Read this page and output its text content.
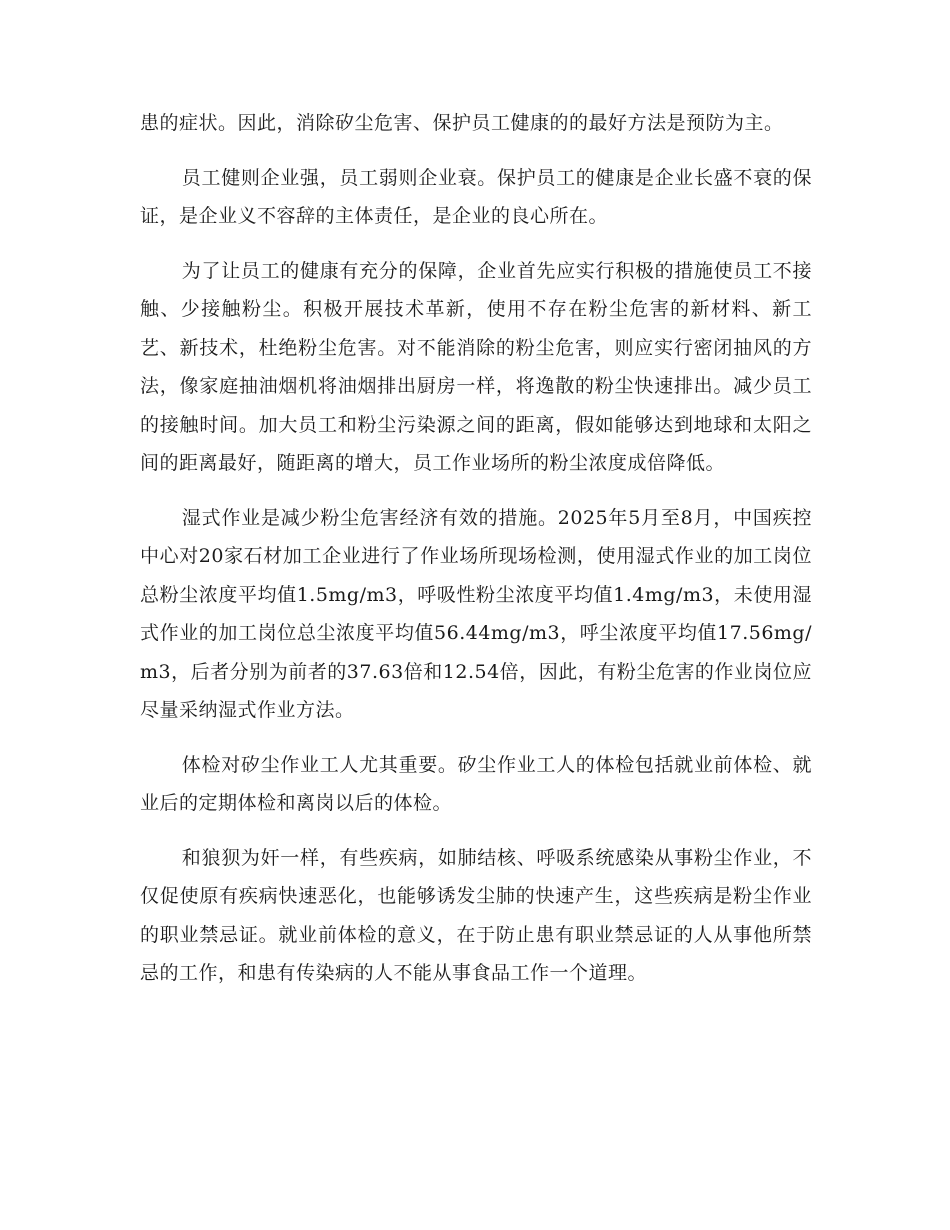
患的症状。因此，消除矽尘危害、保护员工健康的的最好方法是预防为主。

员工健则企业强，员工弱则企业衰。保护员工的健康是企业长盛不衰的保证，是企业义不容辞的主体责任，是企业的良心所在。

为了让员工的健康有充分的保障，企业首先应实行积极的措施使员工不接触、少接触粉尘。积极开展技术革新，使用不存在粉尘危害的新材料、新工艺、新技术，杜绝粉尘危害。对不能消除的粉尘危害，则应实行密闭抽风的方法，像家庭抽油烟机将油烟排出厨房一样，将逸散的粉尘快速排出。减少员工的接触时间。加大员工和粉尘污染源之间的距离，假如能够达到地球和太阳之间的距离最好，随距离的增大，员工作业场所的粉尘浓度成倍降低。

湿式作业是减少粉尘危害经济有效的措施。2025年5月至8月，中国疾控中心对20家石材加工企业进行了作业场所现场检测，使用湿式作业的加工岗位总粉尘浓度平均值1.5mg/m3，呼吸性粉尘浓度平均值1.4mg/m3，未使用湿式作业的加工岗位总尘浓度平均值56.44mg/m3，呼尘浓度平均值17.56mg/m3，后者分别为前者的37.63倍和12.54倍，因此，有粉尘危害的作业岗位应尽量采纳湿式作业方法。

体检对矽尘作业工人尤其重要。矽尘作业工人的体检包括就业前体检、就业后的定期体检和离岗以后的体检。

和狼狈为奸一样，有些疾病，如肺结核、呼吸系统感染从事粉尘作业，不仅促使原有疾病快速恶化，也能够诱发尘肺的快速产生，这些疾病是粉尘作业的职业禁忌证。就业前体检的意义，在于防止患有职业禁忌证的人从事他所禁忌的工作，和患有传染病的人不能从事食品工作一个道理。
